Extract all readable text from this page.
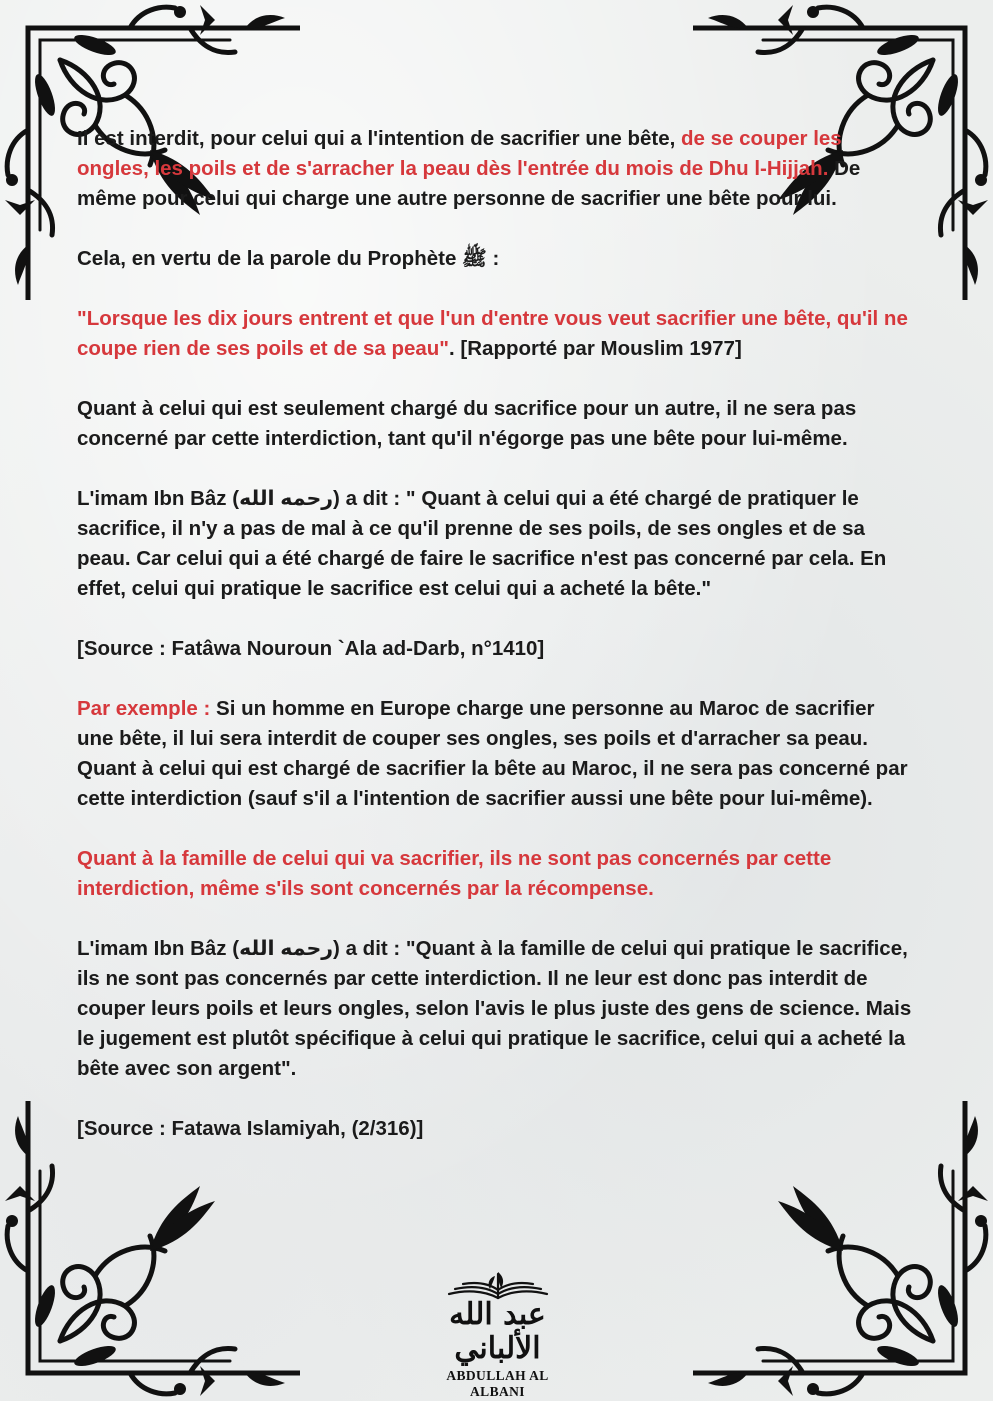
Il est interdit, pour celui qui a l'intention de sacrifier une bête, de se couper les ongles, les poils et de s'arracher la peau dès l'entrée du mois de Dhu l-Hijjah. De même pour celui qui charge une autre personne de sacrifier une bête pour lui.

Cela, en vertu de la parole du Prophète ﷺ :

"Lorsque les dix jours entrent et que l'un d'entre vous veut sacrifier une bête, qu'il ne coupe rien de ses poils et de sa peau". [Rapporté par Mouslim 1977]

Quant à celui qui est seulement chargé du sacrifice pour un autre, il ne sera pas concerné par cette interdiction, tant qu'il n'égorge pas une bête pour lui-même.

L'imam Ibn Bâz (رحمه الله) a dit : " Quant à celui qui a été chargé de pratiquer le sacrifice, il n'y a pas de mal à ce qu'il prenne de ses poils, de ses ongles et de sa peau. Car celui qui a été chargé de faire le sacrifice n'est pas concerné par cela. En effet, celui qui pratique le sacrifice est celui qui a acheté la bête."

[Source : Fatâwa Nouroun `Ala ad-Darb, n°1410]

Par exemple : Si un homme en Europe charge une personne au Maroc de sacrifier une bête, il lui sera interdit de couper ses ongles, ses poils et d'arracher sa peau. Quant à celui qui est chargé de sacrifier la bête au Maroc, il ne sera pas concerné par cette interdiction (sauf s'il a l'intention de sacrifier aussi une bête pour lui-même).

Quant à la famille de celui qui va sacrifier, ils ne sont pas concernés par cette interdiction, même s'ils sont concernés par la récompense.

L'imam Ibn Bâz (رحمه الله) a dit : "Quant à la famille de celui qui pratique le sacrifice, ils ne sont pas concernés par cette interdiction. Il ne leur est donc pas interdit de couper leurs poils et leurs ongles, selon l'avis le plus juste des gens de science. Mais le jugement est plutôt spécifique à celui qui pratique le sacrifice, celui qui a acheté la bête avec son argent".

[Source : Fatawa Islamiyah, (2/316)]

عبد الله الألباني
ABDULLAH AL ALBANI
